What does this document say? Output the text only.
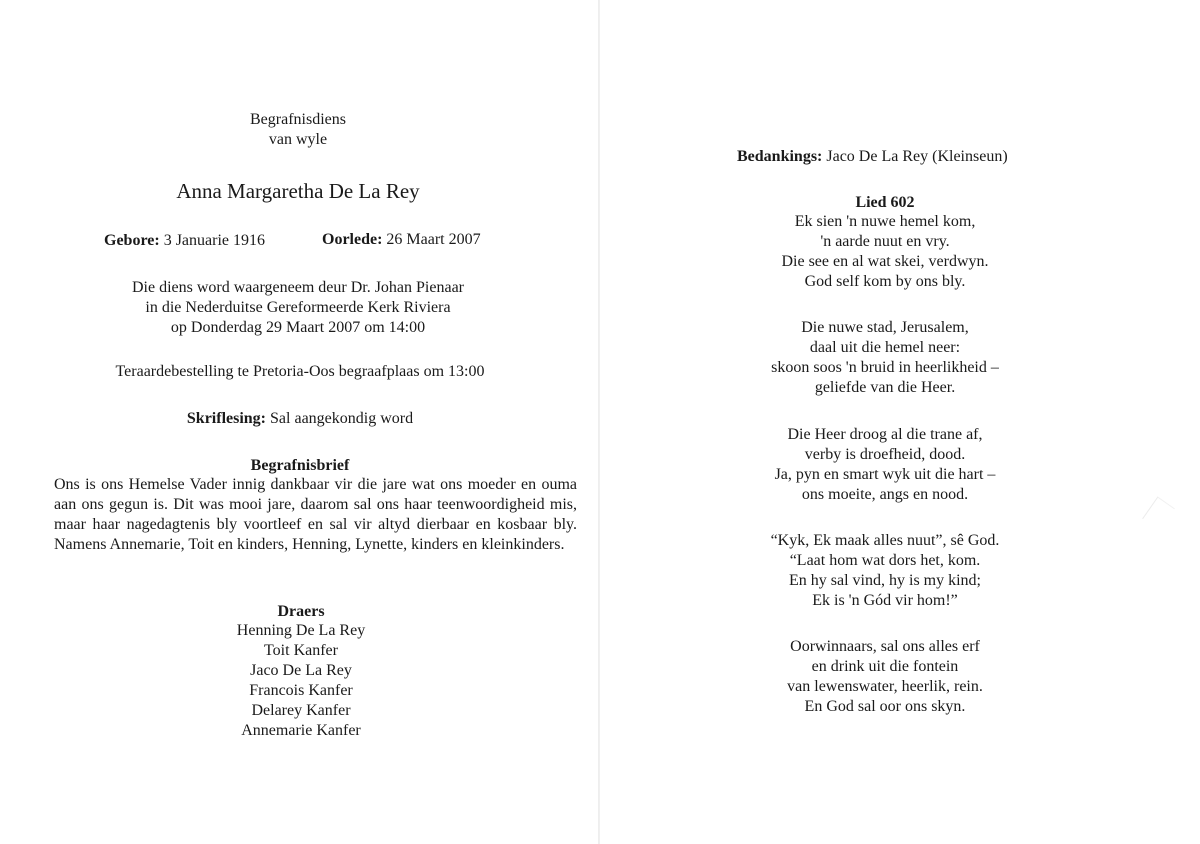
Begrafnisdiens
van wyle
Anna Margaretha De La Rey
Gebore: 3 Januarie 1916	Oorlede: 26 Maart 2007
Die diens word waargeneem deur Dr. Johan Pienaar
in die Nederduitse Gereformeerde Kerk Riviera
op Donderdag 29 Maart 2007 om 14:00
Teraardebestelling te Pretoria-Oos begraafplaas om 13:00
Skriflesing: Sal aangekondig word
Begrafnisbrief
Ons is ons Hemelse Vader innig dankbaar vir die jare wat ons moeder en ouma aan ons gegun is. Dit was mooi jare, daarom sal ons haar teenwoordigheid mis, maar haar nagedagtenis bly voortleef en sal vir altyd dierbaar en kosbaar bly. Namens Annemarie, Toit en kinders, Henning, Lynette, kinders en kleinkinders.
Draers
Henning De La Rey
Toit Kanfer
Jaco De La Rey
Francois Kanfer
Delarey Kanfer
Annemarie Kanfer
Bedankings: Jaco De La Rey (Kleinseun)
Lied 602
Ek sien 'n nuwe hemel kom,
'n aarde nuut en vry.
Die see en al wat skei, verdwyn.
God self kom by ons bly.
Die nuwe stad, Jerusalem,
daal uit die hemel neer:
skoon soos 'n bruid in heerlikheid –
geliefde van die Heer.
Die Heer droog al die trane af,
verby is droefheid, dood.
Ja, pyn en smart wyk uit die hart –
ons moeite, angs en nood.
“Kyk, Ek maak alles nuut”, sê God.
“Laat hom wat dors het, kom.
En hy sal vind, hy is my kind;
Ek is 'n Gód vir hom!”
Oorwinnaars, sal ons alles erf
en drink uit die fontein
van lewenswater, heerlik, rein.
En God sal oor ons skyn.
